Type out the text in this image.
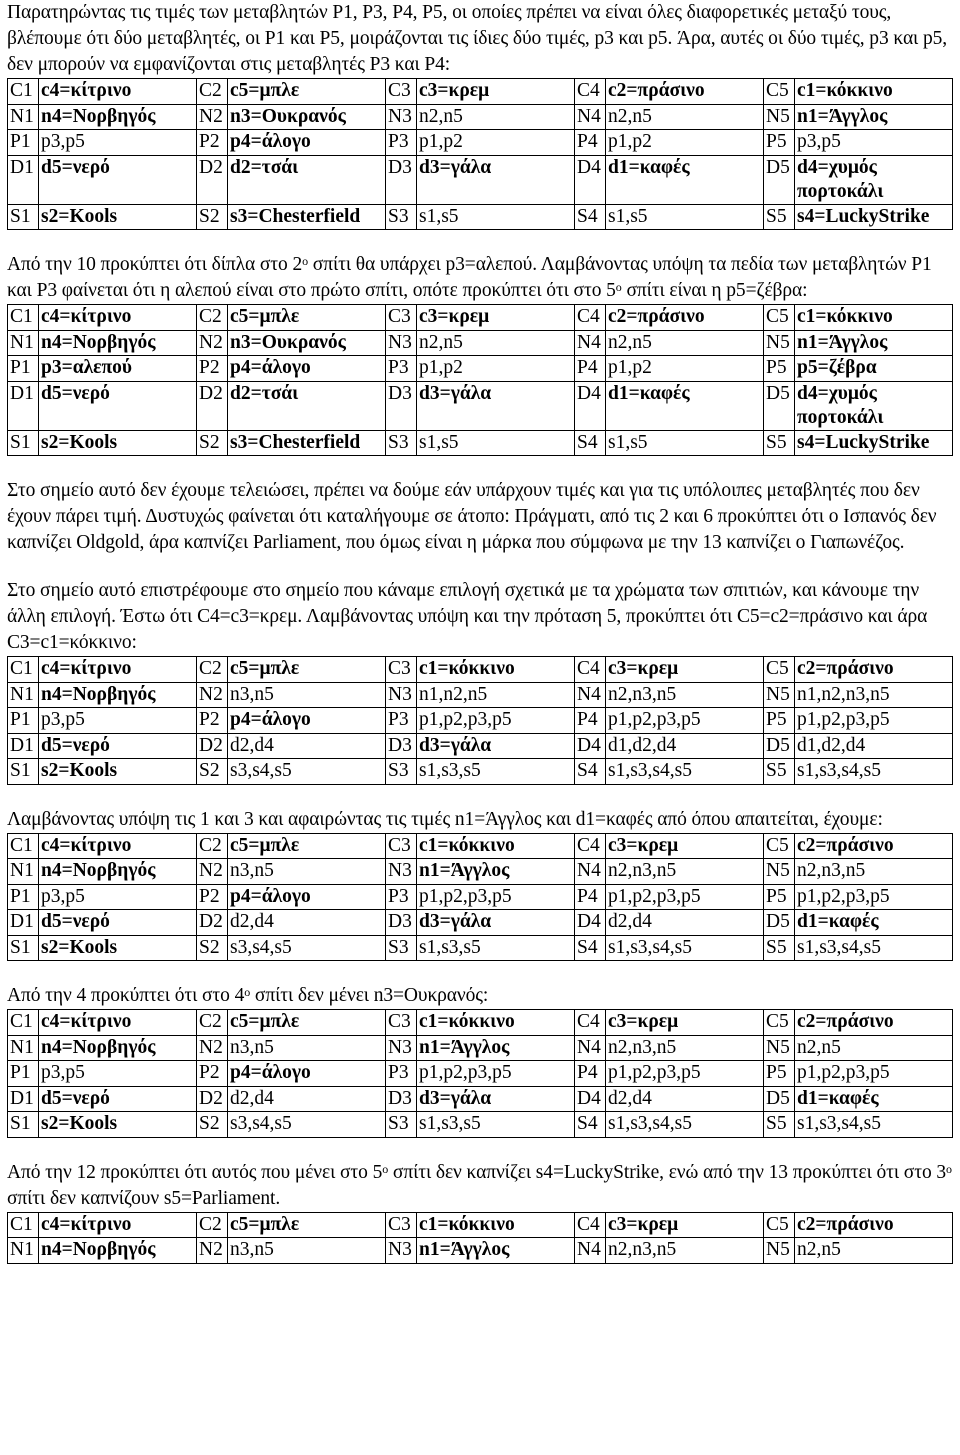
Παρατηρώντας τις τιμές των μεταβλητών P1, P3, P4, P5, οι οποίες πρέπει να είναι όλες διαφορετικές μεταξύ τους, βλέπουμε ότι δύο μεταβλητές, οι P1 και P5, μοιράζονται τις ίδιες δύο τιμές, p3 και p5. Άρα, αυτές οι δύο τιμές, p3 και p5, δεν μπορούν να εμφανίζονται στις μεταβλητές P3 και P4:

C1	c4=κίτρινο	C2	c5=μπλε	C3	c3=κρεμ	C4	c2=πράσινο	C5	c1=κόκκινο
N1	n4=Νορβηγός	N2	n3=Ουκρανός	N3	n2,n5	N4	n2,n5	N5	n1=Άγγλος
P1	p3,p5	P2	p4=άλογο	P3	p1,p2	P4	p1,p2	P5	p3,p5
D1	d5=νερό	D2	d2=τσάι	D3	d3=γάλα	D4	d1=καφές	D5	d4=χυμός πορτοκάλι
S1	s2=Kools	S2	s3=Chesterfield	S3	s1,s5	S4	s1,s5	S5	s4=LuckyStrike

Από την 10 προκύπτει ότι δίπλα στο $2^o$ σπίτι θα υπάρχει p3=αλεπού. Λαμβάνοντας υπόψη τα πεδία των μεταβλητών P1 και P3 φαίνεται ότι η αλεπού είναι στο πρώτο σπίτι, οπότε προκύπτει ότι στο $5^o$ σπίτι είναι η p5=ζέβρα:

C1	c4=κίτρινο	C2	c5=μπλε	C3	c3=κρεμ	C4	c2=πράσινο	C5	c1=κόκκινο
N1	n4=Νορβηγός	N2	n3=Ουκρανός	N3	n2,n5	N4	n2,n5	N5	n1=Άγγλος
P1	p3=αλεπού	P2	p4=άλογο	P3	p1,p2	P4	p1,p2	P5	p5=ζέβρα
D1	d5=νερό	D2	d2=τσάι	D3	d3=γάλα	D4	d1=καφές	D5	d4=χυμός πορτοκάλι
S1	s2=Kools	S2	s3=Chesterfield	S3	s1,s5	S4	s1,s5	S5	s4=LuckyStrike

Στο σημείο αυτό δεν έχουμε τελειώσει, πρέπει να δούμε εάν υπάρχουν τιμές και για τις υπόλοιπες μεταβλητές που δεν έχουν πάρει τιμή. Δυστυχώς φαίνεται ότι καταλήγουμε σε άτοπο: Πράγματι, από τις 2 και 6 προκύπτει ότι ο Ισπανός δεν καπνίζει Oldgold, άρα καπνίζει Parliament, που όμως είναι η μάρκα που σύμφωνα με την 13 καπνίζει ο Γιαπωνέζος.

Στο σημείο αυτό επιστρέφουμε στο σημείο που κάναμε επιλογή σχετικά με τα χρώματα των σπιτιών, και κάνουμε την άλλη επιλογή. Έστω ότι C4=c3=κρεμ. Λαμβάνοντας υπόψη και την πρόταση 5, προκύπτει ότι C5=c2=πράσινο και άρα C3=c1=κόκκινο:

C1	c4=κίτρινο	C2	c5=μπλε	C3	c1=κόκκινο	C4	c3=κρεμ	C5	c2=πράσινο
N1	n4=Νορβηγός	N2	n3,n5	N3	n1,n2,n5	N4	n2,n3,n5	N5	n1,n2,n3,n5
P1	p3,p5	P2	p4=άλογο	P3	p1,p2,p3,p5	P4	p1,p2,p3,p5	P5	p1,p2,p3,p5
D1	d5=νερό	D2	d2,d4	D3	d3=γάλα	D4	d1,d2,d4	D5	d1,d2,d4
S1	s2=Kools	S2	s3,s4,s5	S3	s1,s3,s5	S4	s1,s3,s4,s5	S5	s1,s3,s4,s5

Λαμβάνοντας υπόψη τις 1 και 3 και αφαιρώντας τις τιμές n1=Άγγλος και d1=καφές από όπου απαιτείται, έχουμε:

C1	c4=κίτρινο	C2	c5=μπλε	C3	c1=κόκκινο	C4	c3=κρεμ	C5	c2=πράσινο
N1	n4=Νορβηγός	N2	n3,n5	N3	n1=Άγγλος	N4	n2,n3,n5	N5	n2,n3,n5
P1	p3,p5	P2	p4=άλογο	P3	p1,p2,p3,p5	P4	p1,p2,p3,p5	P5	p1,p2,p3,p5
D1	d5=νερό	D2	d2,d4	D3	d3=γάλα	D4	d2,d4	D5	d1=καφές
S1	s2=Kools	S2	s3,s4,s5	S3	s1,s3,s5	S4	s1,s3,s4,s5	S5	s1,s3,s4,s5

Από την 4 προκύπτει ότι στο $4^o$ σπίτι δεν μένει n3=Ουκρανός:

C1	c4=κίτρινο	C2	c5=μπλε	C3	c1=κόκκινο	C4	c3=κρεμ	C5	c2=πράσινο
N1	n4=Νορβηγός	N2	n3,n5	N3	n1=Άγγλος	N4	n2,n3,n5	N5	n2,n5
P1	p3,p5	P2	p4=άλογο	P3	p1,p2,p3,p5	P4	p1,p2,p3,p5	P5	p1,p2,p3,p5
D1	d5=νερό	D2	d2,d4	D3	d3=γάλα	D4	d2,d4	D5	d1=καφές
S1	s2=Kools	S2	s3,s4,s5	S3	s1,s3,s5	S4	s1,s3,s4,s5	S5	s1,s3,s4,s5

Από την 12 προκύπτει ότι αυτός που μένει στο $5^o$ σπίτι δεν καπνίζει s4=LuckyStrike, ενώ από την 13 προκύπτει ότι στο $3^o$ σπίτι δεν καπνίζουν s5=Parliament.

C1	c4=κίτρινο	C2	c5=μπλε	C3	c1=κόκκινο	C4	c3=κρεμ	C5	c2=πράσινο
N1	n4=Νορβηγός	N2	n3,n5	N3	n1=Άγγλος	N4	n2,n3,n5	N5	n2,n5
